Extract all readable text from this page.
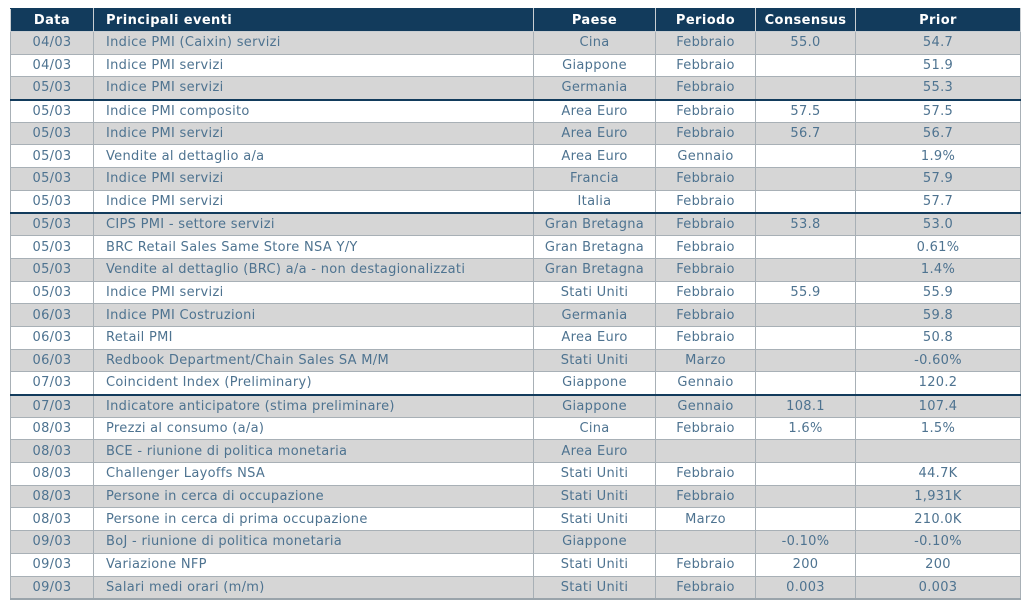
Data	Principali eventi	Paese	Periodo	Consensus	Prior
04/03	Indice PMI (Caixin) servizi	Cina	Febbraio	55.0	54.7
04/03	Indice PMI servizi	Giappone	Febbraio		51.9
05/03	Indice PMI servizi	Germania	Febbraio		55.3
05/03	Indice PMI composito	Area Euro	Febbraio	57.5	57.5
05/03	Indice PMI servizi	Area Euro	Febbraio	56.7	56.7
05/03	Vendite al dettaglio a/a	Area Euro	Gennaio		1.9%
05/03	Indice PMI servizi	Francia	Febbraio		57.9
05/03	Indice PMI servizi	Italia	Febbraio		57.7
05/03	CIPS PMI - settore servizi	Gran Bretagna	Febbraio	53.8	53.0
05/03	BRC Retail Sales Same Store NSA Y/Y	Gran Bretagna	Febbraio		0.61%
05/03	Vendite al dettaglio (BRC) a/a - non destagionalizzati	Gran Bretagna	Febbraio		1.4%
05/03	Indice PMI servizi	Stati Uniti	Febbraio	55.9	55.9
06/03	Indice PMI Costruzioni	Germania	Febbraio		59.8
06/03	Retail PMI	Area Euro	Febbraio		50.8
06/03	Redbook Department/Chain Sales SA M/M	Stati Uniti	Marzo		-0.60%
07/03	Coincident Index (Preliminary)	Giappone	Gennaio		120.2
07/03	Indicatore anticipatore (stima preliminare)	Giappone	Gennaio	108.1	107.4
08/03	Prezzi al consumo (a/a)	Cina	Febbraio	1.6%	1.5%
08/03	BCE - riunione di politica monetaria	Area Euro			
08/03	Challenger Layoffs NSA	Stati Uniti	Febbraio		44.7K
08/03	Persone in cerca di occupazione	Stati Uniti	Febbraio		1,931K
08/03	Persone in cerca di prima occupazione	Stati Uniti	Marzo		210.0K
09/03	BoJ - riunione di politica monetaria	Giappone		-0.10%	-0.10%
09/03	Variazione NFP	Stati Uniti	Febbraio	200	200
09/03	Salari medi orari (m/m)	Stati Uniti	Febbraio	0.003	0.003
